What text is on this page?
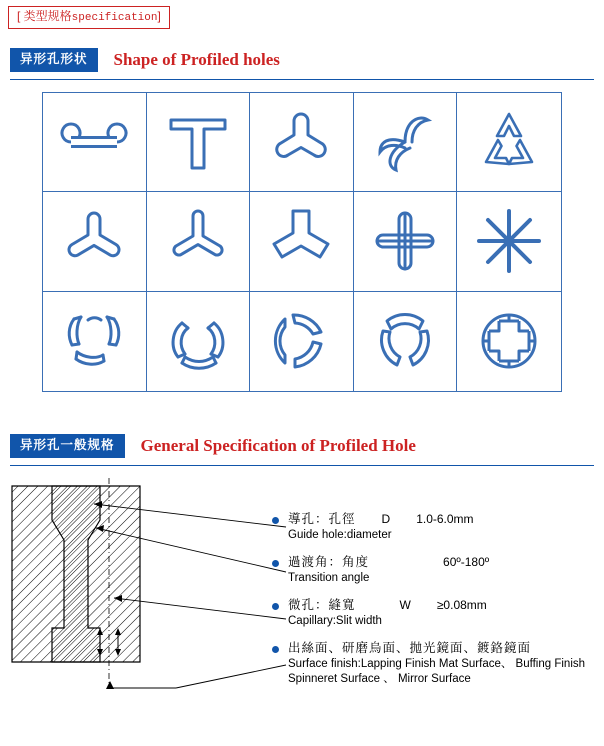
[ 类型规格specification]
异形孔形状	Shape of Profiled holes
异形孔一般规格	General Specification of Profiled Hole
導孔：孔徑 D 1.0-6.0mm
Guide hole:diameter
過渡角：角度	60º-180º
Transition angle
微孔：縫寬	W ≥0.08mm
Capillary:Slit width
出絲面、研磨烏面、抛光鏡面、鍍鉻鏡面
Surface finish:Lapping Finish Mat Surface、 Buffing Finish
Spinneret Surface 、 Mirror Surface
